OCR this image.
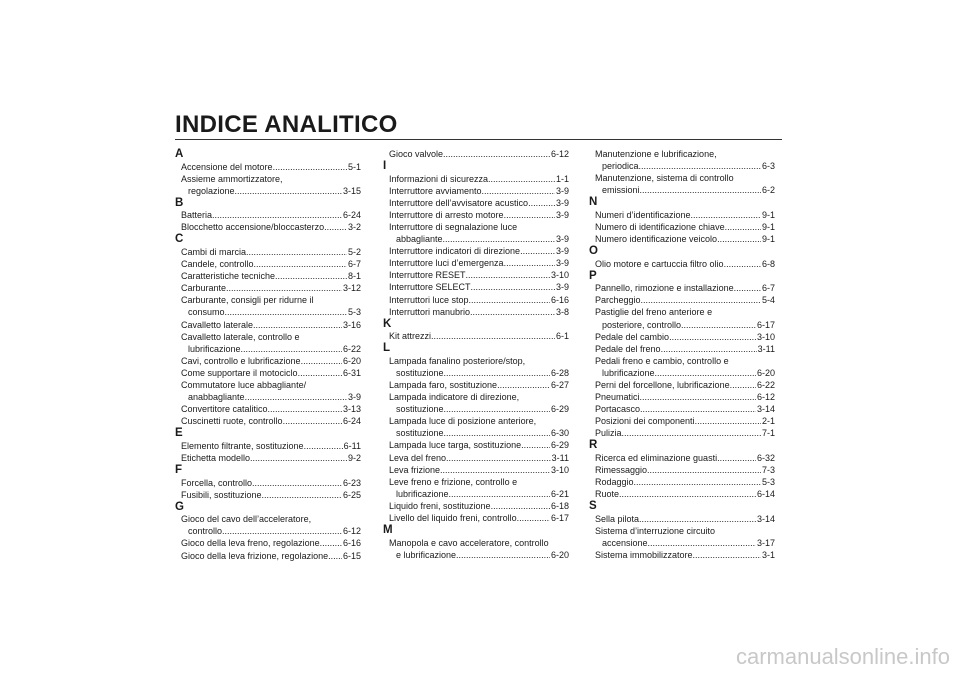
INDICE ANALITICO
A
Accensione del motore .....	5-1
Assieme ammortizzatore,
regolazione .....	3-15
B
Batteria .....	6-24
Blocchetto accensione/bloccasterzo .....	3-2
C
Cambi di marcia .....	5-2
Candele, controllo .....	6-7
Caratteristiche tecniche .....	8-1
Carburante .....	3-12
Carburante, consigli per ridurne il
consumo .....	5-3
Cavalletto laterale .....	3-16
Cavalletto laterale, controllo e
lubrificazione .....	6-22
Cavi, controllo e lubrificazione .....	6-20
Come supportare il motociclo .....	6-31
Commutatore luce abbagliante/
anabbagliante .....	3-9
Convertitore catalitico .....	3-13
Cuscinetti ruote, controllo .....	6-24
E
Elemento filtrante, sostituzione .....	6-11
Etichetta modello .....	9-2
F
Forcella, controllo .....	6-23
Fusibili, sostituzione .....	6-25
G
Gioco del cavo dell’acceleratore,
controllo .....	6-12
Gioco della leva freno, regolazione .....	6-16
Gioco della leva frizione, regolazione ..... 6-15
Gioco valvole .....	6-12
I
Informazioni di sicurezza .....	1-1
Interruttore avviamento .....	3-9
Interruttore dell’avvisatore acustico .....	3-9
Interruttore di arresto motore .....	3-9
Interruttore di segnalazione luce
abbagliante .....	3-9
Interruttore indicatori di direzione .....	3-9
Interruttore luci d’emergenza .....	3-9
Interruttore RESET .....	3-10
Interruttore SELECT .....	3-9
Interruttori luce stop .....	6-16
Interruttori manubrio .....	3-8
K
Kit attrezzi .....	6-1
L
Lampada fanalino posteriore/stop,
sostituzione .....	6-28
Lampada faro, sostituzione .....	6-27
Lampada indicatore di direzione,
sostituzione .....	6-29
Lampada luce di posizione anteriore,
sostituzione .....	6-30
Lampada luce targa, sostituzione .....	6-29
Leva del freno .....	3-11
Leva frizione .....	3-10
Leve freno e frizione, controllo e
lubrificazione .....	6-21
Liquido freni, sostituzione .....	6-18
Livello del liquido freni, controllo .....	6-17
M
Manopola e cavo acceleratore, controllo
e lubrificazione .....	6-20
Manutenzione e lubrificazione,
periodica .....	6-3
Manutenzione, sistema di controllo
emissioni .....	6-2
N
Numeri d’identificazione .....	9-1
Numero di identificazione chiave .....	9-1
Numero identificazione veicolo .....	9-1
O
Olio motore e cartuccia filtro olio .....	6-8
P
Pannello, rimozione e installazione .....	6-7
Parcheggio .....	5-4
Pastiglie del freno anteriore e
posteriore, controllo .....	6-17
Pedale del cambio .....	3-10
Pedale del freno .....	3-11
Pedali freno e cambio, controllo e
lubrificazione .....	6-20
Perni del forcellone, lubrificazione .....	6-22
Pneumatici .....	6-12
Portacasco .....	3-14
Posizioni dei componenti .....	2-1
Pulizia .....	7-1
R
Ricerca ed eliminazione guasti .....	6-32
Rimessaggio .....	7-3
Rodaggio .....	5-3
Ruote .....	6-14
S
Sella pilota .....	3-14
Sistema d’interruzione circuito
accensione .....	3-17
Sistema immobilizzatore .....	3-1
carmanualsonline.info
